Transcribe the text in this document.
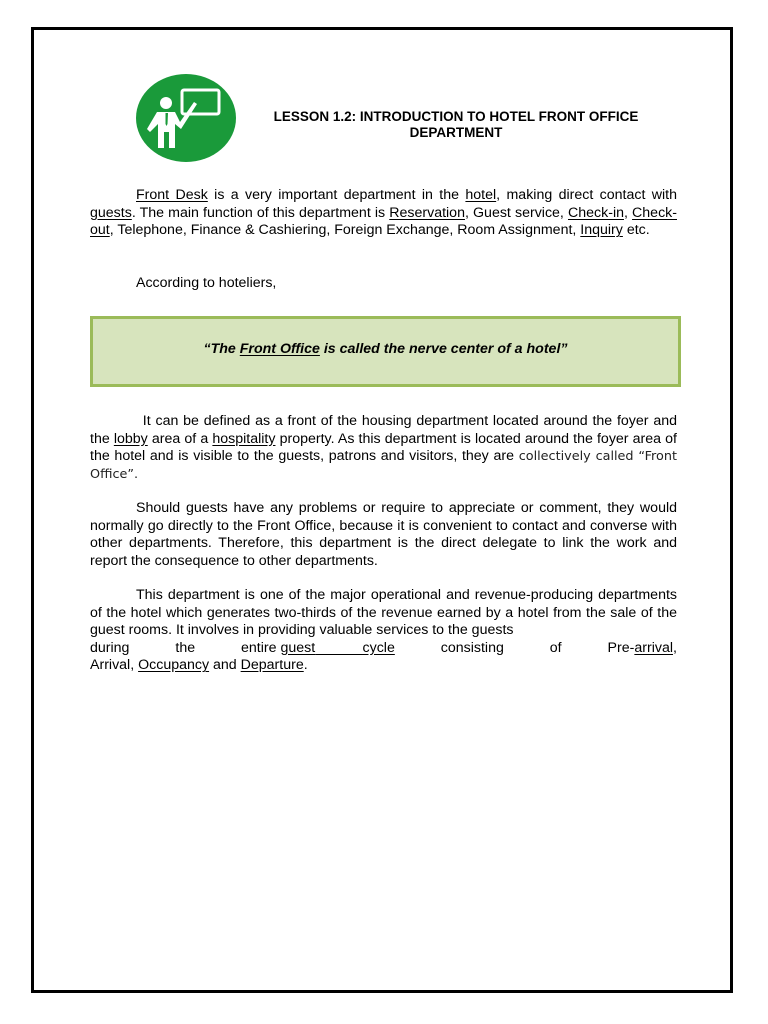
LESSON 1.2: INTRODUCTION TO HOTEL FRONT OFFICE
DEPARTMENT
Front Desk is a very important department in the hotel, making direct contact with guests. The main function of this department is Reservation, Guest service, Check-in, Check-out, Telephone, Finance & Cashiering, Foreign Exchange, Room Assignment, Inquiry etc.
According to hoteliers,
“The Front Office is called the nerve center of a hotel”
It can be defined as a front of the housing department located around the foyer and the lobby area of a hospitality property. As this department is located around the foyer area of the hotel and is visible to the guests, patrons and visitors, they are collectively called “Front Office”.
Should guests have any problems or require to appreciate or comment, they would normally go directly to the Front Office, because it is convenient to contact and converse with other departments. Therefore, this department is the direct delegate to link the work and report the consequence to other departments.
This department is one of the major operational and revenue-producing departments of the hotel which generates two-thirds of the revenue earned by a hotel from the sale of the guest rooms. It involves in providing valuable services to the guests
during	the	entire guest	cycle	consisting	of	Pre-arrival,
Arrival, Occupancy and Departure.
